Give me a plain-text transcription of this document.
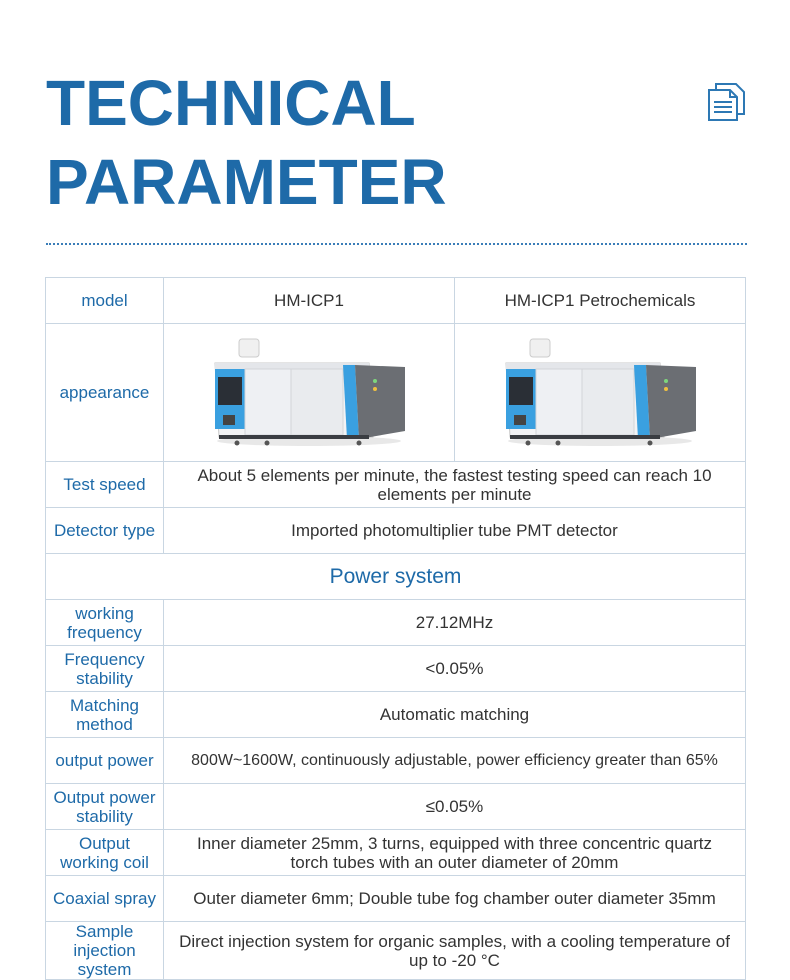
TECHNICAL
PARAMETER
model	HM-ICP1	HM-ICP1 Petrochemicals
appearance	

Test speed	About 5 elements per minute, the fastest testing speed can reach 10 elements per minute	
Detector type	Imported photomultiplier tube PMT detector	
Power system		
working frequency	27.12MHz	
Frequency stability	<0.05%	
Matching method	Automatic matching	
output power	800W~1600W, continuously adjustable, power efficiency greater than 65%	
Output power stability	≤0.05%	
Output working coil	Inner diameter 25mm, 3 turns, equipped with three concentric quartz torch tubes with an outer diameter of 20mm	
Coaxial spray	Outer diameter 6mm; Double tube fog chamber outer diameter 35mm	
Sample injection system	Direct injection system for organic samples, with a cooling temperature of up to -20 °C	
